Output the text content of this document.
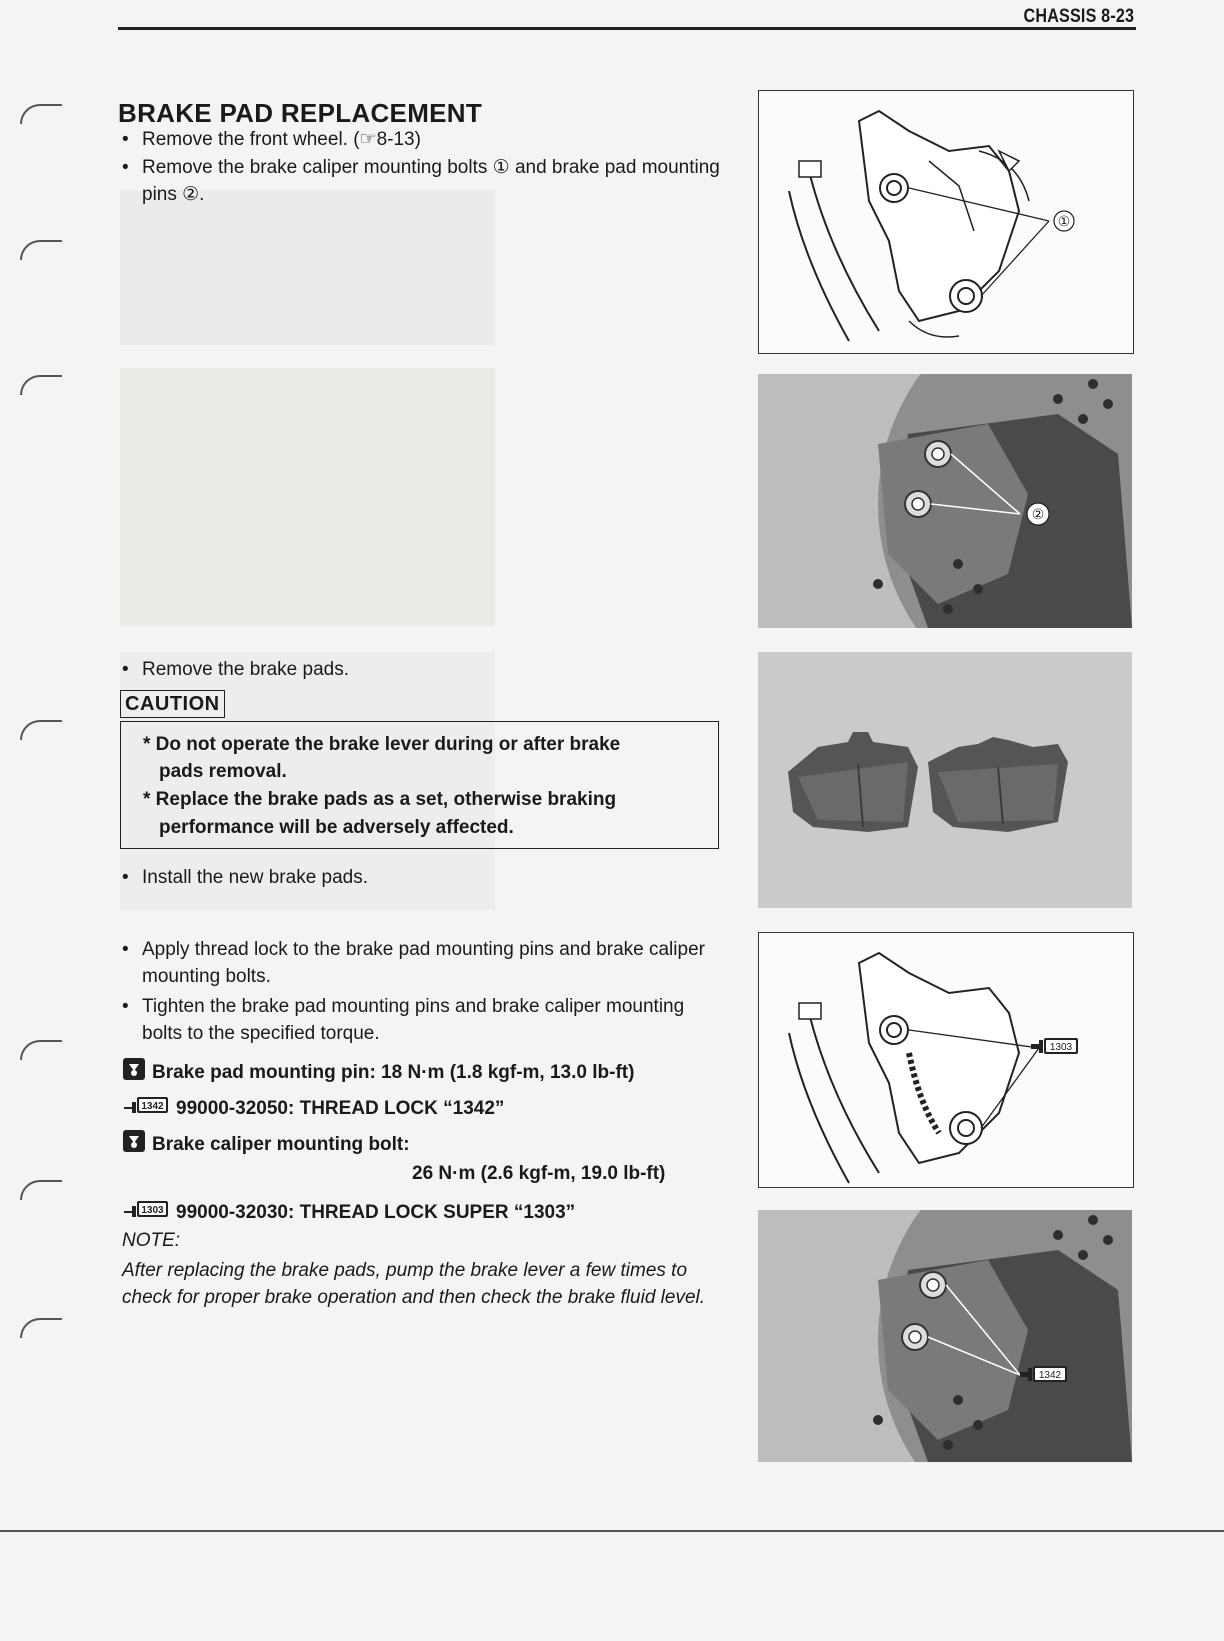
CHASSIS 8-23
BRAKE PAD REPLACEMENT
• Remove the front wheel. (☞8-13)
• Remove the brake caliper mounting bolts ① and brake pad mounting pins ②.
• Remove the brake pads.
CAUTION
* Do not operate the brake lever during or after brake
pads removal.
* Replace the brake pads as a set, otherwise braking
performance will be adversely affected.
• Install the new brake pads.
• Apply thread lock to the brake pad mounting pins and brake caliper mounting bolts.
• Tighten the brake pad mounting pins and brake caliper mounting bolts to the specified torque.
Brake pad mounting pin: 18 N·m (1.8 kgf-m, 13.0 lb-ft)
1342 99000-32050: THREAD LOCK “1342”
Brake caliper mounting bolt:
26 N·m (2.6 kgf-m, 19.0 lb-ft)
1303 99000-32030: THREAD LOCK SUPER “1303”
NOTE:
After replacing the brake pads, pump the brake lever a few times to check for proper brake operation and then check the brake fluid level.
①
②
1303
1342
